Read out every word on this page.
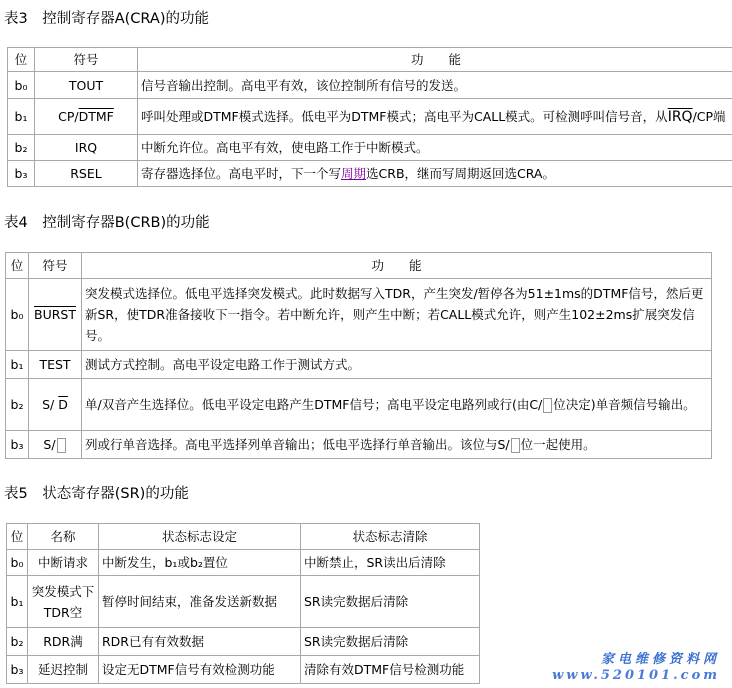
表3　控制寄存器A(CRA)的功能
位	符号	功　　能
b₀	TOUT	信号音输出控制。高电平有效，该位控制所有信号的发送。
b₁	CP/DTMF	呼叫处理或DTMF模式选择。低电平为DTMF模式；高电平为CALL模式。可检测呼叫信号音，从$\overline{IRQ}/CP$端
b₂	IRQ	中断允许位。高电平有效，使电路工作于中断模式。
b₃	RSEL	寄存器选择位。高电平时，下一个写周期选CRB，继而写周期返回选CRA。
表4　控制寄存器B(CRB)的功能
位	符号	功　　能
b₀	BURST	突发模式选择位。低电平选择突发模式。此时数据写入TDR，产生突发/暂停各为51±1ms的DTMF信号，然后更新SR，使TDR准备接收下一指令。若中断允许，则产生中断；若CALL模式允许，则产生102±2ms扩展突发信号。
b₁	TEST	测试方式控制。高电平设定电路工作于测试方式。
b₂	S/ $\overline{D}$	单/双音产生选择位。低电平设定电路产生DTMF信号；高电平设定电路列或行(由C/ 位决定)单音频信号输出。
b₃	S/	列或行单音选择。高电平选择列单音输出；低电平选择行单音输出。该位与S/ 位一起使用。
表5　状态寄存器(SR)的功能
位	名称	状态标志设定	状态标志清除
b₀	中断请求	中断发生，b₁或b₂置位	中断禁止，SR读出后清除
b₁	突发模式下TDR空	暂停时间结束，准备发送新数据	SR读完数据后清除
b₂	RDR满	RDR已有有效数据	SR读完数据后清除
b₃	延迟控制	设定无DTMF信号有效检测功能	清除有效DTMF信号检测功能
家电维修资料网
www.520101.com
